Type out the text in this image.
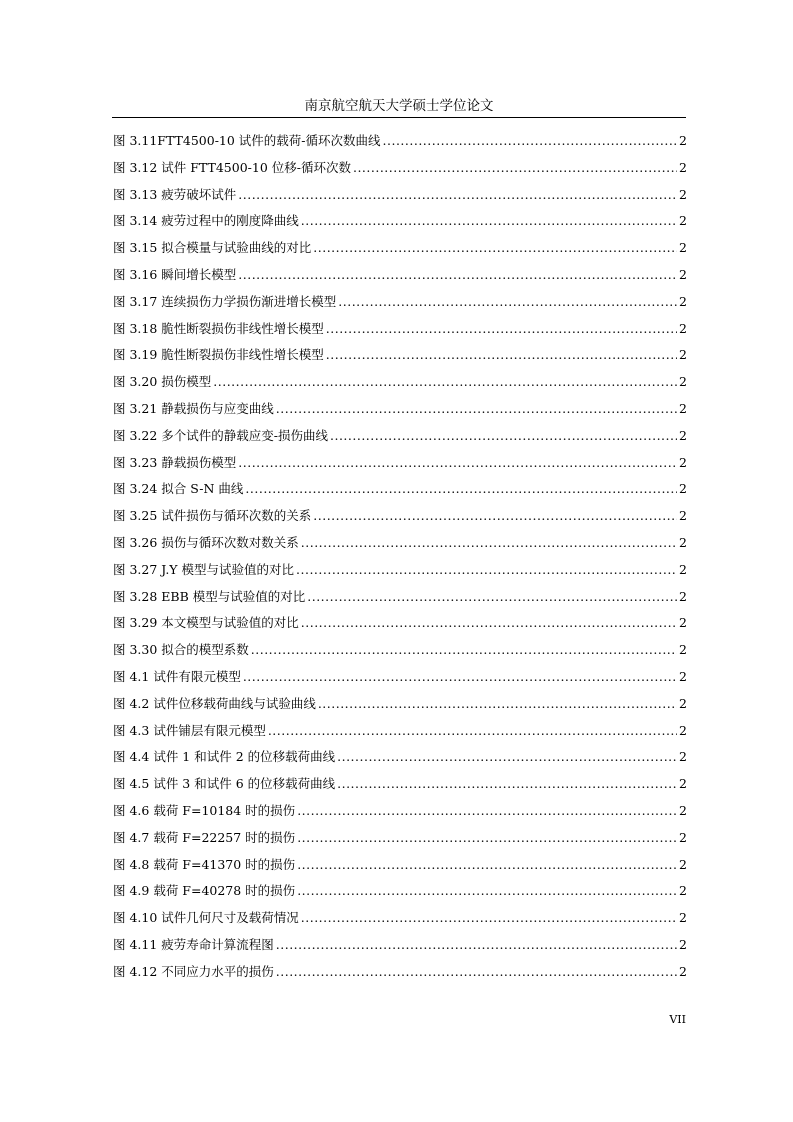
南京航空航天大学硕士学位论文
图 3.11FTT4500-10 试件的载荷-循环次数曲线 .....	2
图 3.12 试件 FTT4500-10 位移-循环次数 .....	2
图 3.13 疲劳破坏试件 .....	2
图 3.14 疲劳过程中的刚度降曲线 .....	2
图 3.15 拟合模量与试验曲线的对比 .....	2
图 3.16 瞬间增长模型 .....	2
图 3.17 连续损伤力学损伤渐进增长模型 .....	2
图 3.18 脆性断裂损伤非线性增长模型 .....	2
图 3.19 脆性断裂损伤非线性增长模型 .....	2
图 3.20 损伤模型 .....	2
图 3.21 静载损伤与应变曲线 .....	2
图 3.22 多个试件的静载应变-损伤曲线 .....	2
图 3.23 静载损伤模型 .....	2
图 3.24 拟合 S-N 曲线 .....	2
图 3.25 试件损伤与循环次数的关系 .....	2
图 3.26 损伤与循环次数对数关系 .....	2
图 3.27 J.Y 模型与试验值的对比 .....	2
图 3.28 EBB 模型与试验值的对比 .....	2
图 3.29 本文模型与试验值的对比 .....	2
图 3.30 拟合的模型系数 .....	2
图 4.1 试件有限元模型 .....	2
图 4.2 试件位移载荷曲线与试验曲线 .....	2
图 4.3 试件铺层有限元模型 .....	2
图 4.4 试件 1 和试件 2 的位移载荷曲线 .....	2
图 4.5 试件 3 和试件 6 的位移载荷曲线 .....	2
图 4.6 载荷 F=10184 时的损伤 .....	2
图 4.7 载荷 F=22257 时的损伤 .....	2
图 4.8 载荷 F=41370 时的损伤 .....	2
图 4.9 载荷 F=40278 时的损伤 .....	2
图 4.10 试件几何尺寸及载荷情况 .....	2
图 4.11 疲劳寿命计算流程图 .....	2
图 4.12 不同应力水平的损伤 .....	2
VII
